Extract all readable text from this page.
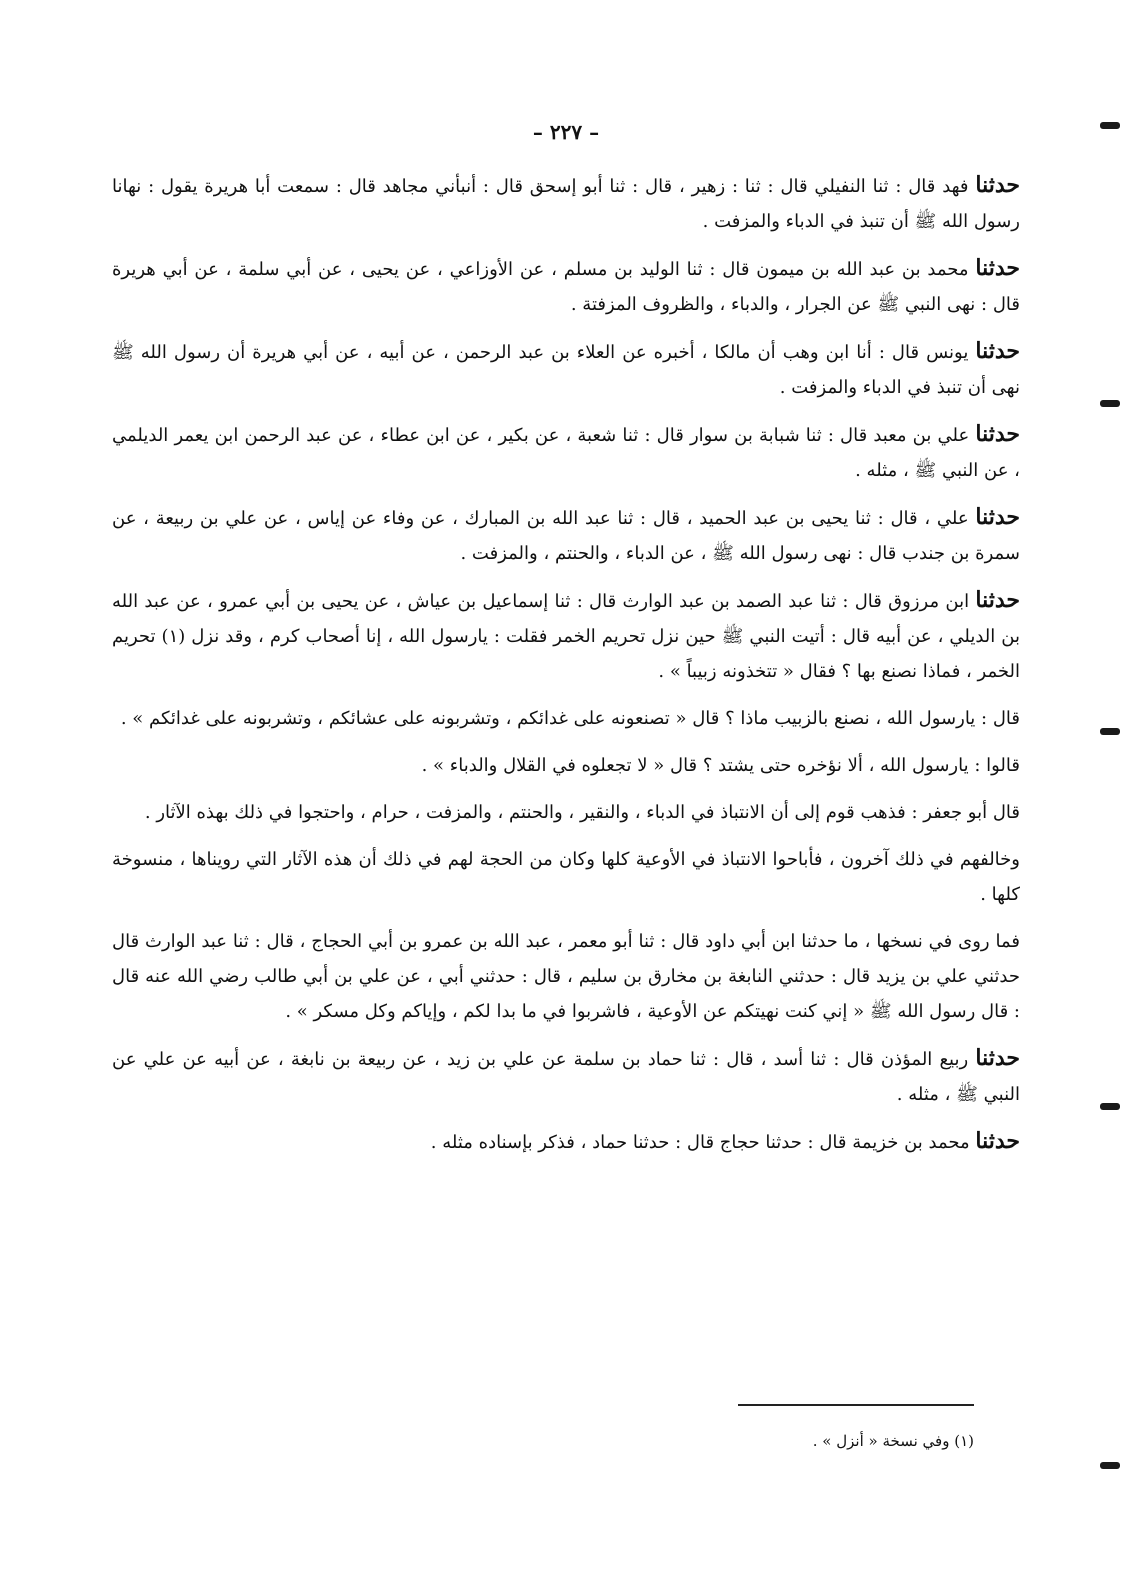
– ٢٢٧ –

حدثنا فهد قال : ثنا النفيلي قال : ثنا : زهير ، قال : ثنا أبو إسحق قال : أنبأني مجاهد قال : سمعت أبا هريرة يقول : نهانا رسول الله ﷺ أن تنبذ في الدباء والمزفت .

حدثنا محمد بن عبد الله بن ميمون قال : ثنا الوليد بن مسلم ، عن الأوزاعي ، عن يحيى ، عن أبي سلمة ، عن أبي هريرة قال : نهى النبي ﷺ عن الجرار ، والدباء ، والظروف المزفتة .

حدثنا يونس قال : أنا ابن وهب أن مالكا ، أخبره عن العلاء بن عبد الرحمن ، عن أبيه ، عن أبي هريرة أن رسول الله ﷺ نهى أن تنبذ في الدباء والمزفت .

حدثنا علي بن معبد قال : ثنا شبابة بن سوار قال : ثنا شعبة ، عن بكير ، عن ابن عطاء ، عن عبد الرحمن ابن يعمر الديلمي ، عن النبي ﷺ ، مثله .

حدثنا علي ، قال : ثنا يحيى بن عبد الحميد ، قال : ثنا عبد الله بن المبارك ، عن وفاء عن إياس ، عن علي بن ربيعة ، عن سمرة بن جندب قال : نهى رسول الله ﷺ ، عن الدباء ، والحنتم ، والمزفت .

حدثنا ابن مرزوق قال : ثنا عبد الصمد بن عبد الوارث قال : ثنا إسماعيل بن عياش ، عن يحيى بن أبي عمرو ، عن عبد الله بن الديلي ، عن أبيه قال : أتيت النبي ﷺ حين نزل تحريم الخمر فقلت : يارسول الله ، إنا أصحاب كرم ، وقد نزل (١) تحريم الخمر ، فماذا نصنع بها ؟ فقال « تتخذونه زبيباً » .

قال : يارسول الله ، نصنع بالزبيب ماذا ؟ قال « تصنعونه على غدائكم ، وتشربونه على عشائكم ، وتشربونه على غدائكم » .

قالوا : يارسول الله ، ألا نؤخره حتى يشتد ؟ قال « لا تجعلوه في القلال والدباء » .

قال أبو جعفر : فذهب قوم إلى أن الانتباذ في الدباء ، والنقير ، والحنتم ، والمزفت ، حرام ، واحتجوا في ذلك بهذه الآثار .

وخالفهم في ذلك آخرون ، فأباحوا الانتباذ في الأوعية كلها وكان من الحجة لهم في ذلك أن هذه الآثار التي رويناها ، منسوخة كلها .

فما روى في نسخها ، ما حدثنا ابن أبي داود قال : ثنا أبو معمر ، عبد الله بن عمرو بن أبي الحجاج ، قال : ثنا عبد الوارث قال حدثني علي بن يزيد قال : حدثني النابغة بن مخارق بن سليم ، قال : حدثني أبي ، عن علي بن أبي طالب رضي الله عنه قال : قال رسول الله ﷺ « إني كنت نهيتكم عن الأوعية ، فاشربوا في ما بدا لكم ، وإياكم وكل مسكر » .

حدثنا ربيع المؤذن قال : ثنا أسد ، قال : ثنا حماد بن سلمة عن علي بن زيد ، عن ربيعة بن نابغة ، عن أبيه عن علي عن النبي ﷺ ، مثله .

حدثنا محمد بن خزيمة قال : حدثنا حجاج قال : حدثنا حماد ، فذكر بإسناده مثله .

(١) وفي نسخة « أنزل » .
